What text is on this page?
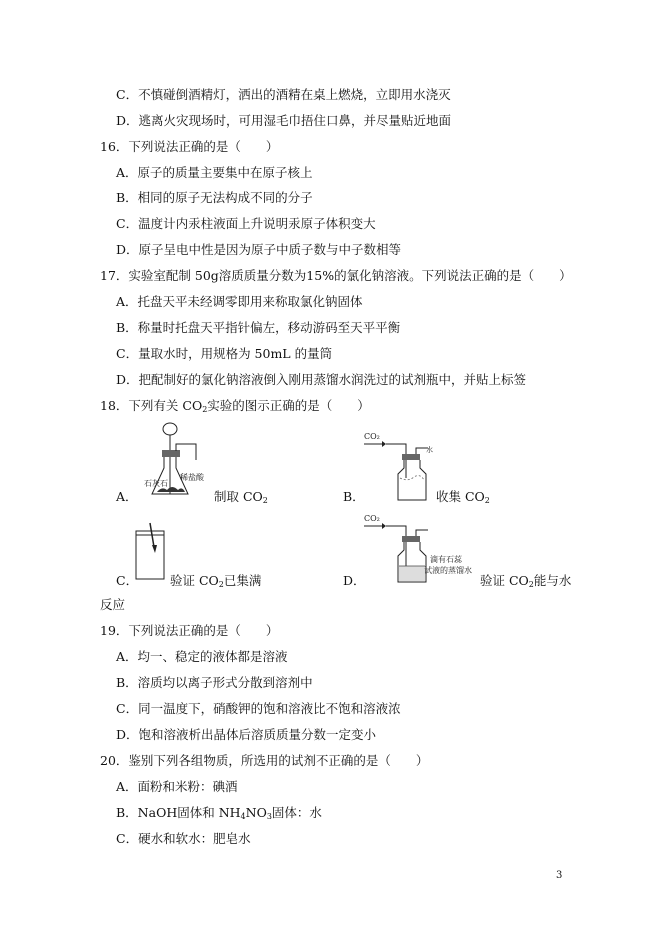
C．不慎碰倒酒精灯，洒出的酒精在桌上燃烧，立即用水浇灭
D．逃离火灾现场时，可用湿毛巾捂住口鼻，并尽量贴近地面
16．下列说法正确的是（　　）
A．原子的质量主要集中在原子核上
B．相同的原子无法构成不同的分子
C．温度计内汞柱液面上升说明汞原子体积变大
D．原子呈电中性是因为原子中质子数与中子数相等
17．实验室配制 50g溶质质量分数为15%的氯化钠溶液。下列说法正确的是（　　）
A．托盘天平未经调零即用来称取氯化钠固体
B．称量时托盘天平指针偏左，移动游码至天平平衡
C．量取水时，用规格为 50mL 的量筒
D．把配制好的氯化钠溶液倒入刚用蒸馏水润洗过的试剂瓶中，并贴上标签
18．下列有关 $CO_2$实验的图示正确的是（　　）
A．
石灰石
稀盐酸
制取 $CO_2$	B．
CO₂
水
收集 $CO_2$
C．	验证 $CO_2$已集满	D．
CO₂
滴有石蕊
试液的蒸馏水
验证 $CO_2$能与水
反应
19．下列说法正确的是（　　）
A．均一、稳定的液体都是溶液
B．溶质均以离子形式分散到溶剂中
C．同一温度下，硝酸钾的饱和溶液比不饱和溶液浓
D．饱和溶液析出晶体后溶质质量分数一定变小
20．鉴别下列各组物质，所选用的试剂不正确的是（　　）
A．面粉和米粉：碘酒
B．NaOH固体和 $NH_4NO_3$固体：水
C．硬水和软水：肥皂水
3
